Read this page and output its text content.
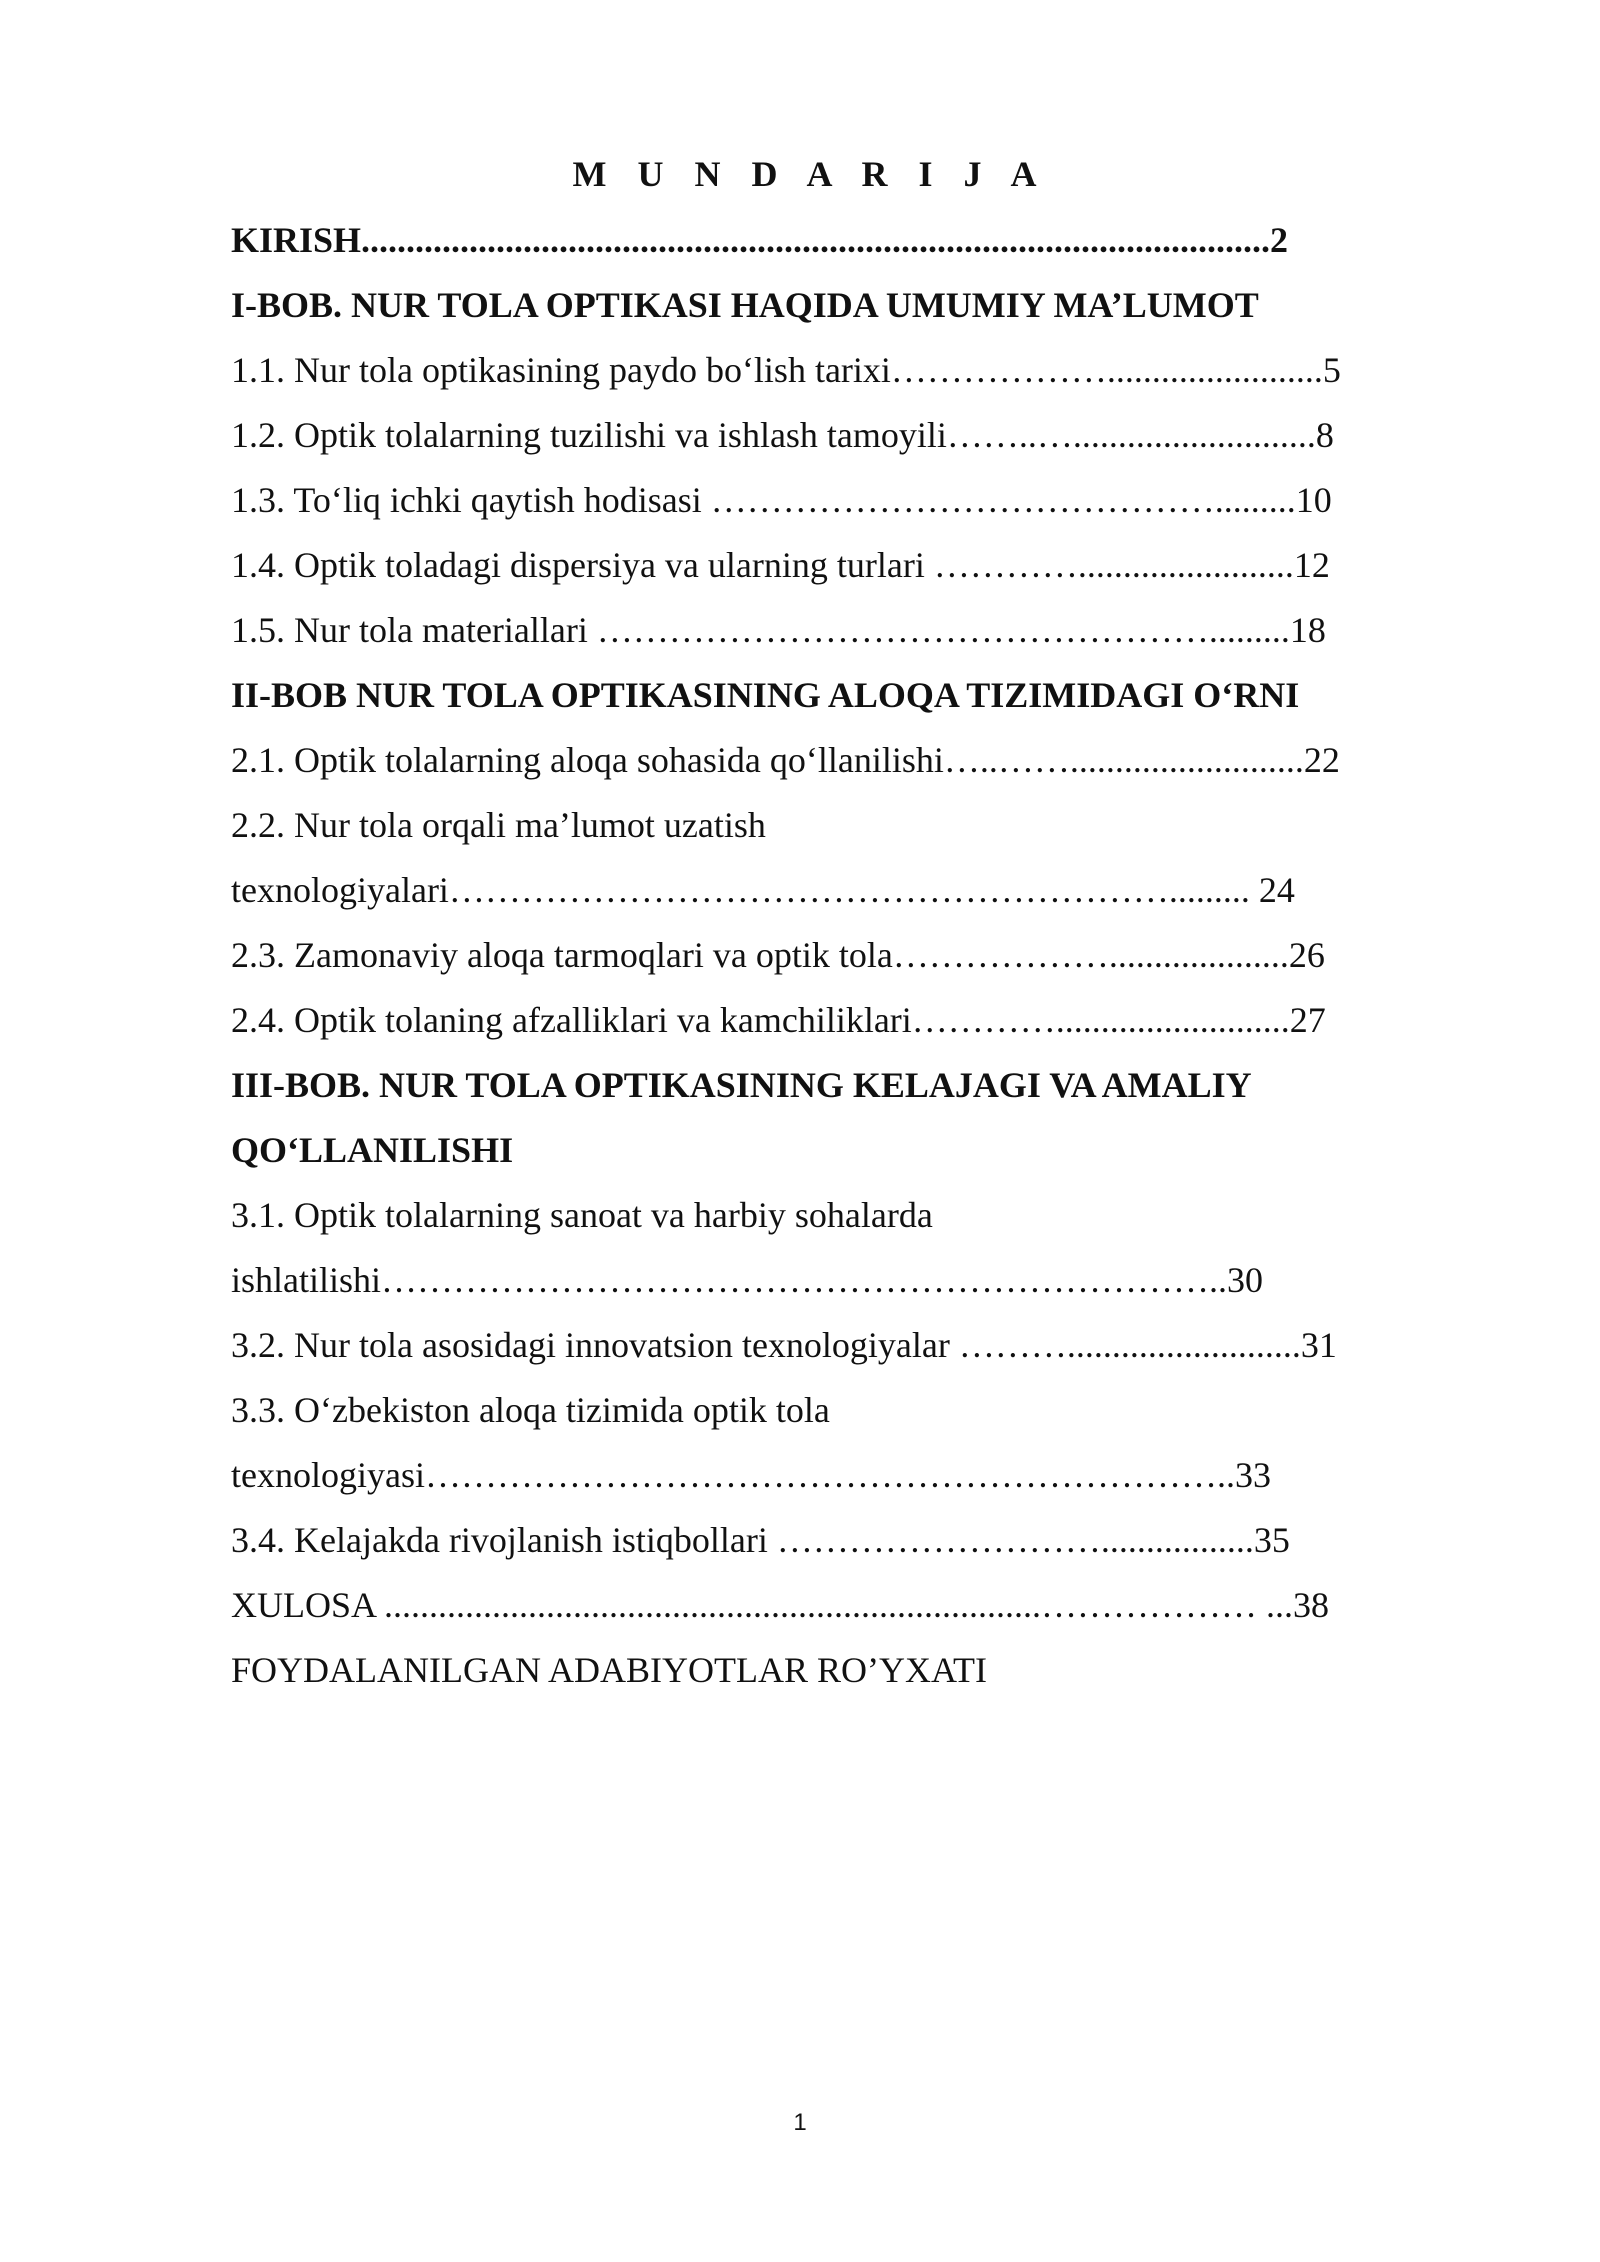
M U N D A R I J A
KIRISH.....................................................................................................2
I-BOB. NUR TOLA OPTIKASI HAQIDA UMUMIY MA’LUMOT
1.1. Nur tola optikasining paydo bo‘lish tarixi………………........................5
1.2. Optik tolalarning tuzilishi va ishlash tamoyili……..…...........................8
1.3. To‘liq ichki qaytish hodisasi …………………………………….........10
1.4. Optik toladagi dispersiya va ularning turlari …………........................12
1.5. Nur tola materiallari …………………………………………….........18
II-BOB NUR TOLA OPTIKASINING ALOQA TIZIMIDAGI O‘RNI
2.1. Optik tolalarning aloqa sohasida qo‘llanilishi…..……..........................22
2.2. Nur tola orqali ma’lumot uzatish
texnologiyalari……………………………………………………......... 24
2.3. Zamonaviy aloqa tarmoqlari va optik tola………………....................26
2.4. Optik tolaning afzalliklari va kamchiliklari…………..........................27
III-BOB. NUR TOLA OPTIKASINING KELAJAGI VA AMALIY
QO‘LLANILISHI
3.1. Optik tolalarning sanoat va harbiy sohalarda
ishlatilishi……………………………………………………………..30
3.2. Nur tola asosidagi innovatsion texnologiyalar ………..........................31
3.3. O‘zbekiston aloqa tizimida optik tola
texnologiyasi…………………………………………………………..33
3.4. Kelajakda rivojlanish istiqbollari ……………………….................35
XULOSA .........................................................................……………… ...38
FOYDALANILGAN ADABIYOTLAR RO’YXATI
1
